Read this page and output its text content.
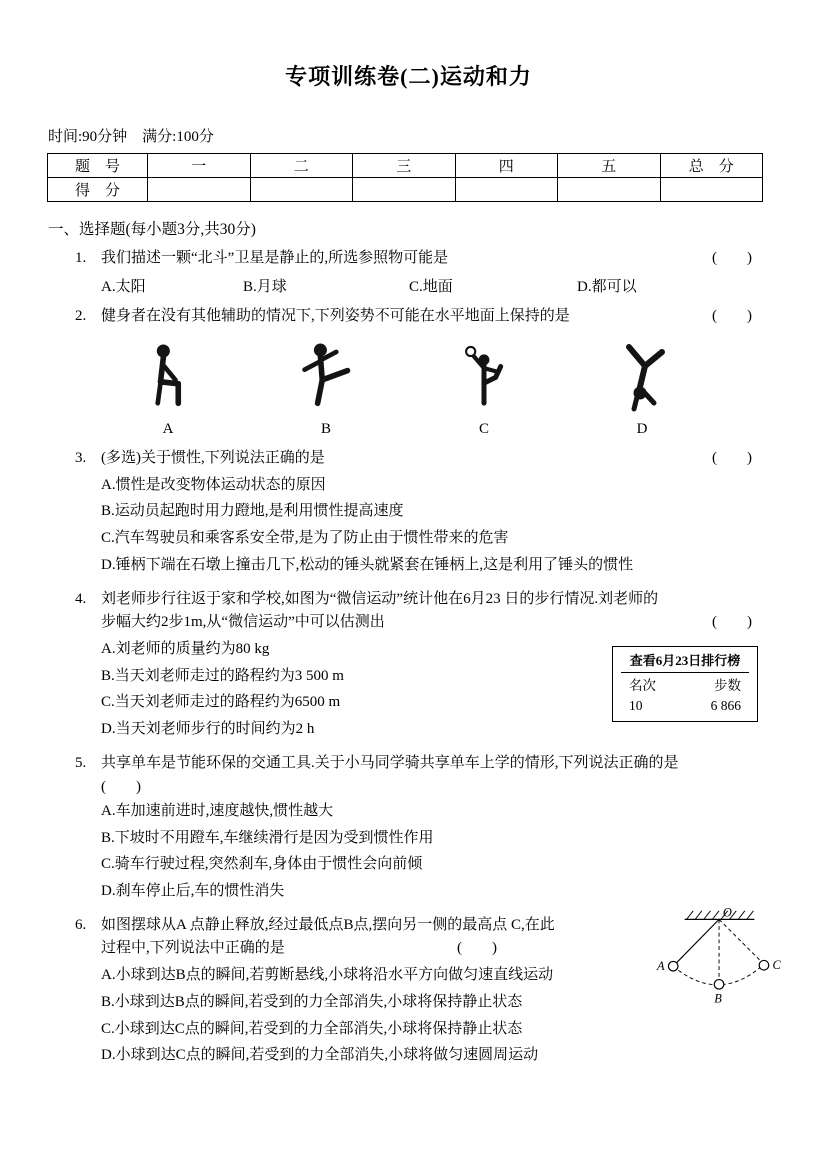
专项训练卷(二)运动和力
时间:90分钟　满分:100分
题　号	一	二	三	四	五	总　分
得　分						
一、选择题(每小题3分,共30分)
1. 我们描述一颗“北斗”卫星是静止的,所选参照物可能是	(　　)
A.太阳	B.月球	C.地面	D.都可以
2. 健身者在没有其他辅助的情况下,下列姿势不可能在水平地面上保持的是	(　　)
A	B	C	D
3. (多选)关于惯性,下列说法正确的是	(　　)
A.惯性是改变物体运动状态的原因
B.运动员起跑时用力蹬地,是利用惯性提高速度
C.汽车驾驶员和乘客系安全带,是为了防止由于惯性带来的危害
D.锤柄下端在石墩上撞击几下,松动的锤头就紧套在锤柄上,这是利用了锤头的惯性
4. 刘老师步行往返于家和学校,如图为“微信运动”统计他在6月23 日的步行情况.刘老师的
步幅大约2步1m,从“微信运动”中可以估测出	(　　)
A.刘老师的质量约为80 kg
B.当天刘老师走过的路程约为3 500 m
C.当天刘老师走过的路程约为6500 m
D.当天刘老师步行的时间约为2 h
查看6月23日排行榜
名次	步数
10	6 866
5. 共享单车是节能环保的交通工具.关于小马同学骑共享单车上学的情形,下列说法正确的是
(　　)
A.车加速前进时,速度越快,惯性越大
B.下坡时不用蹬车,车继续滑行是因为受到惯性作用
C.骑车行驶过程,突然刹车,身体由于惯性会向前倾
D.刹车停止后,车的惯性消失
6. 如图摆球从A 点静止释放,经过最低点B点,摆向另一侧的最高点 C,在此
过程中,下列说法中正确的是	(　　)
A.小球到达B点的瞬间,若剪断悬线,小球将沿水平方向做匀速直线运动
B.小球到达B点的瞬间,若受到的力全部消失,小球将保持静止状态
C.小球到达C点的瞬间,若受到的力全部消失,小球将保持静止状态
D.小球到达C点的瞬间,若受到的力全部消失,小球将做匀速圆周运动
O
A
B
C
